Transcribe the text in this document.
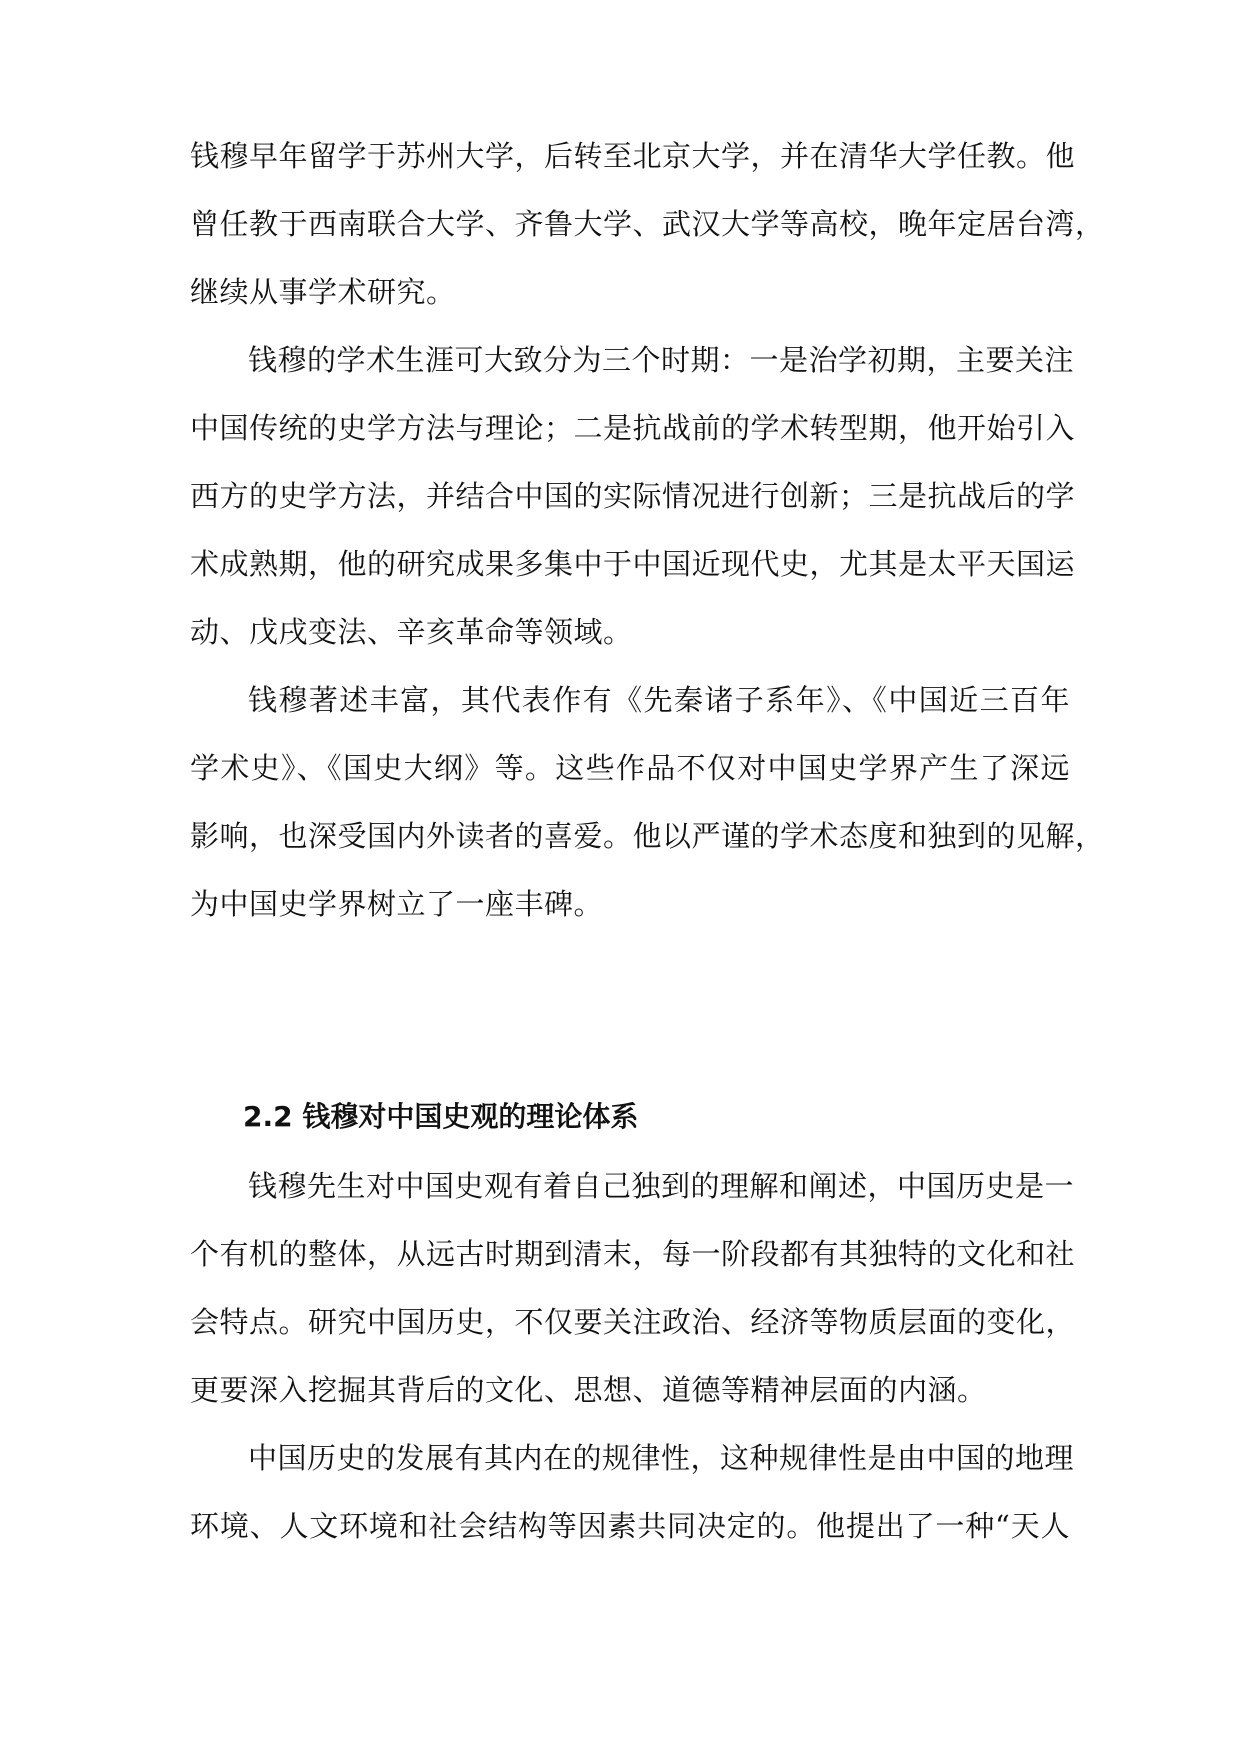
钱穆早年留学于苏州大学，后转至北京大学，并在清华大学任教。他
曾任教于西南联合大学、齐鲁大学、武汉大学等高校，晚年定居台湾，
继续从事学术研究。
钱穆的学术生涯可大致分为三个时期：一是治学初期，主要关注
中国传统的史学方法与理论；二是抗战前的学术转型期，他开始引入
西方的史学方法，并结合中国的实际情况进行创新；三是抗战后的学
术成熟期，他的研究成果多集中于中国近现代史，尤其是太平天国运
动、戊戌变法、辛亥革命等领域。
钱穆著述丰富，其代表作有《先秦诸子系年》、《中国近三百年
学术史》、《国史大纲》等。这些作品不仅对中国史学界产生了深远
影响，也深受国内外读者的喜爱。他以严谨的学术态度和独到的见解，
为中国史学界树立了一座丰碑。
2.2 钱穆对中国史观的理论体系
钱穆先生对中国史观有着自己独到的理解和阐述，中国历史是一
个有机的整体，从远古时期到清末，每一阶段都有其独特的文化和社
会特点。研究中国历史，不仅要关注政治、经济等物质层面的变化，
更要深入挖掘其背后的文化、思想、道德等精神层面的内涵。
中国历史的发展有其内在的规律性，这种规律性是由中国的地理
环境、人文环境和社会结构等因素共同决定的。他提出了一种“天人
